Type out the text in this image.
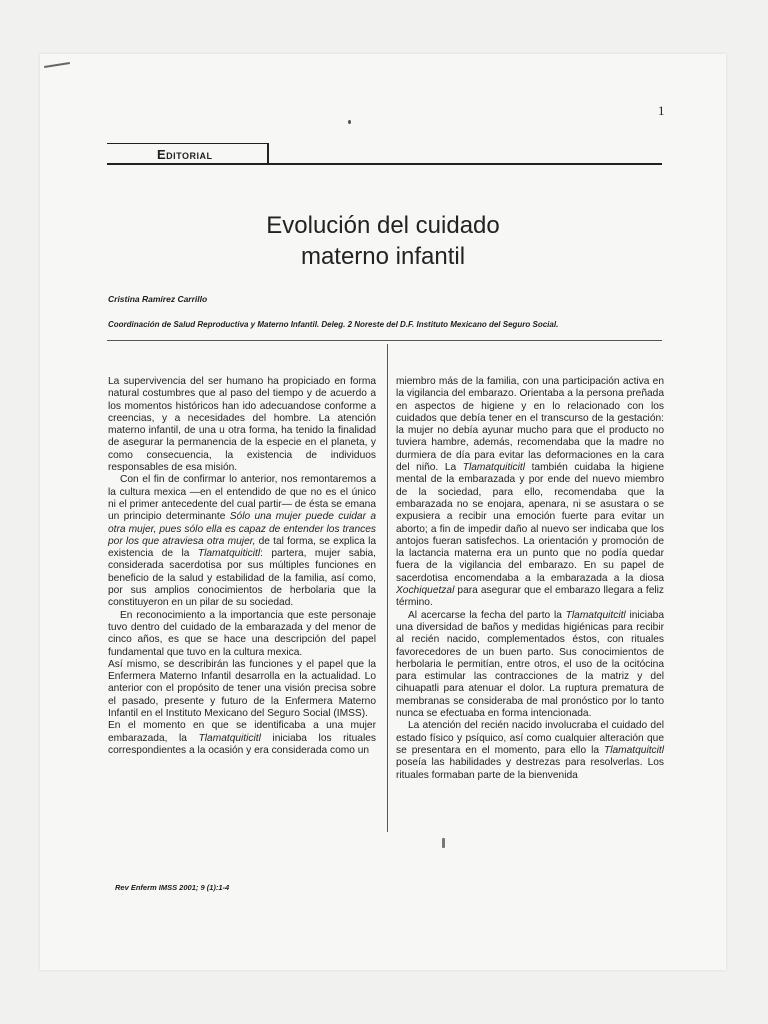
1
Editorial
Evolución del cuidado
materno infantil
Cristina Ramírez Carrillo
Coordinación de Salud Reproductiva y Materno Infantil. Deleg. 2 Noreste del D.F. Instituto Mexicano del Seguro Social.

La supervivencia del ser humano ha propiciado en forma natural costumbres que al paso del tiempo y de acuerdo a los momentos históricos han ido adecuandose conforme a creencias, y a necesidades del hombre. La atención materno infantil, de una u otra forma, ha tenido la finalidad de asegurar la permanencia de la especie en el planeta, y como consecuencia, la existencia de individuos responsables de esa misión.

Con el fin de confirmar lo anterior, nos remontaremos a la cultura mexica —en el entendido de que no es el único ni el primer antecedente del cual partir— de ésta se emana un principio determinante Sólo una mujer puede cuidar a otra mujer, pues sólo ella es capaz de entender los trances por los que atraviesa otra mujer, de tal forma, se explica la existencia de la Tlamatquiticitl: partera, mujer sabia, considerada sacerdotisa por sus múltiples funciones en beneficio de la salud y estabilidad de la familia, así como, por sus amplios conocimientos de herbolaria que la constituyeron en un pilar de su sociedad.

En reconocimiento a la importancia que este personaje tuvo dentro del cuidado de la embarazada y del menor de cinco años, es que se hace una descripción del papel fundamental que tuvo en la cultura mexica.

Así mismo, se describirán las funciones y el papel que la Enfermera Materno Infantil desarrolla en la actualidad. Lo anterior con el propósito de tener una visión precisa sobre el pasado, presente y futuro de la Enfermera Materno Infantil en el Instituto Mexicano del Seguro Social (IMSS).

En el momento en que se identificaba a una mujer embarazada, la Tlamatquiticitl iniciaba los rituales correspondientes a la ocasión y era considerada como un

miembro más de la familia, con una participación activa en la vigilancia del embarazo. Orientaba a la persona preñada en aspectos de higiene y en lo relacionado con los cuidados que debía tener en el transcurso de la gestación: la mujer no debía ayunar mucho para que el producto no tuviera hambre, además, recomendaba que la madre no durmiera de día para evitar las deformaciones en la cara del niño. La Tlamatquiticitl también cuidaba la higiene mental de la embarazada y por ende del nuevo miembro de la sociedad, para ello, recomendaba que la embarazada no se enojara, apenara, ni se asustara o se expusiera a recibir una emoción fuerte para evitar un aborto; a fin de impedir daño al nuevo ser indicaba que los antojos fueran satisfechos. La orientación y promoción de la lactancia materna era un punto que no podía quedar fuera de la vigilancia del embarazo. En su papel de sacerdotisa encomendaba a la embarazada a la diosa Xochiquetzal para asegurar que el embarazo llegara a feliz término.

Al acercarse la fecha del parto la Tlamatquitcitl iniciaba una diversidad de baños y medidas higiénicas para recibir al recién nacido, complementados éstos, con rituales favorecedores de un buen parto. Sus conocimientos de herbolaria le permitían, entre otros, el uso de la ocitócina para estimular las contracciones de la matriz y del cihuapatli para atenuar el dolor. La ruptura prematura de membranas se consideraba de mal pronóstico por lo tanto nunca se efectuaba en forma intencionada.

La atención del recién nacido involucraba el cuidado del estado físico y psíquico, así como cualquier alteración que se presentara en el momento, para ello la Tlamatquitcitl poseía las habilidades y destrezas para resolverlas. Los rituales formaban parte de la bienvenida

Rev Enferm IMSS 2001; 9 (1):1-4
